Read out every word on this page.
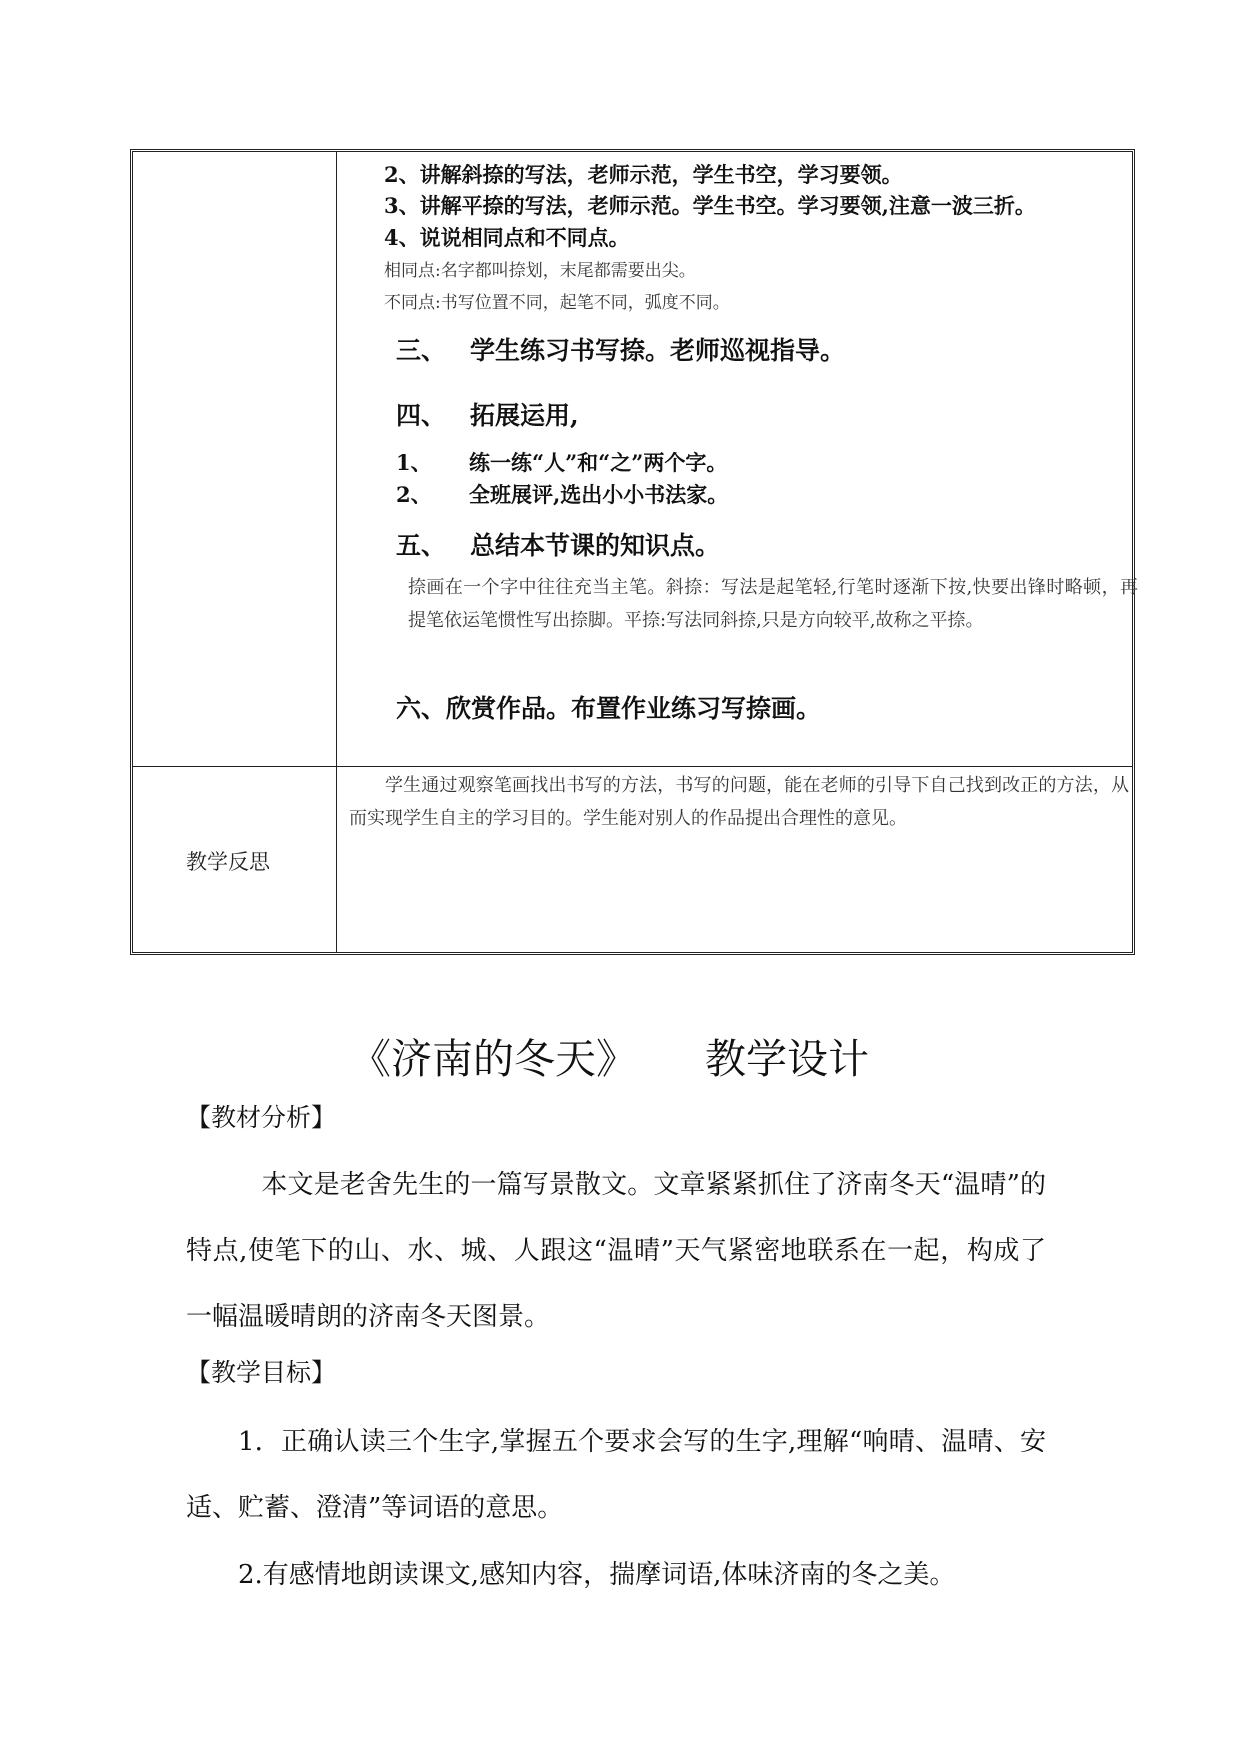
2、讲解斜捺的写法，老师示范，学生书空，学习要领。
3、讲解平捺的写法，老师示范。学生书空。学习要领,注意一波三折。
4、说说相同点和不同点。
相同点:名字都叫捺划，末尾都需要出尖。
不同点:书写位置不同，起笔不同，弧度不同。
三、 学生练习书写捺。老师巡视指导。
四、 拓展运用,
1、 练一练“人”和“之”两个字。
2、 全班展评,选出小小书法家。
五、 总结本节课的知识点。
捺画在一个字中往往充当主笔。斜捺：写法是起笔轻,行笔时逐渐下按,快要出锋时略顿，再提笔依运笔惯性写出捺脚。平捺:写法同斜捺,只是方向较平,故称之平捺。
六、欣赏作品。布置作业练习写捺画。
教学反思
学生通过观察笔画找出书写的方法，书写的问题，能在老师的引导下自己找到改正的方法，从而实现学生自主的学习目的。学生能对别人的作品提出合理性的意见。
《济南的冬天》 教学设计
【教材分析】
本文是老舍先生的一篇写景散文。文章紧紧抓住了济南冬天“温晴”的特点,使笔下的山、水、城、人跟这“温晴”天气紧密地联系在一起，构成了一幅温暖晴朗的济南冬天图景。
【教学目标】
1．正确认读三个生字,掌握五个要求会写的生字,理解“响晴、温晴、安适、贮蓄、澄清”等词语的意思。
2.有感情地朗读课文,感知内容，揣摩词语,体味济南的冬之美。
